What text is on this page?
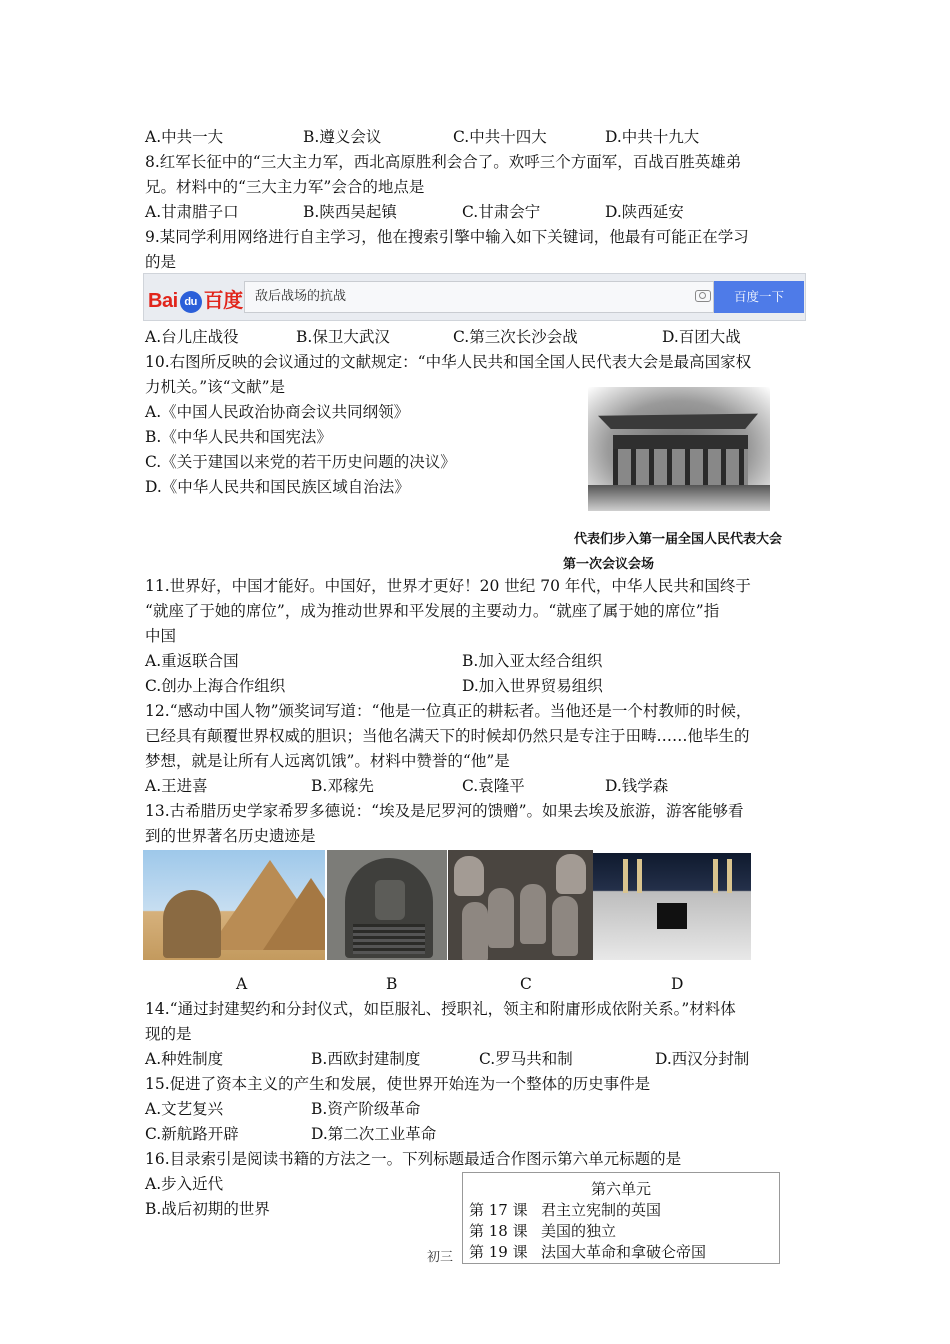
A.中共一大	B.遵义会议	C.中共十四大	D.中共十九大
8.红军长征中的“三大主力军，西北高原胜利会合了。欢呼三个方面军，百战百胜英雄弟
兄。材料中的“三大主力军”会合的地点是
A.甘肃腊子口	B.陕西吴起镇	C.甘肃会宁	D.陕西延安
9.某同学利用网络进行自主学习，他在搜索引擎中输入如下关键词，他最有可能正在学习
的是
Bai du 百度 敌后战场的抗战	百度一下
A.台儿庄战役	B.保卫大武汉	C.第三次长沙会战	D.百团大战
10.右图所反映的会议通过的文献规定：“中华人民共和国全国人民代表大会是最高国家权
力机关。”该“文献”是
A.《中国人民政治协商会议共同纲领》
B.《中华人民共和国宪法》
C.《关于建国以来党的若干历史问题的决议》
D.《中华人民共和国民族区域自治法》
代表们步入第一届全国人民代表大会
第一次会议会场
11.世界好，中国才能好。中国好，世界才更好！20 世纪 70 年代，中华人民共和国终于
“就座了于她的席位”，成为推动世界和平发展的主要动力。“就座了属于她的席位”指
中国
A.重返联合国	B.加入亚太经合组织
C.创办上海合作组织	D.加入世界贸易组织
12.“感动中国人物”颁奖词写道：“他是一位真正的耕耘者。当他还是一个村教师的时候，
已经具有颠覆世界权威的胆识；当他名满天下的时候却仍然只是专注于田畴……他毕生的
梦想，就是让所有人远离饥饿”。材料中赞誉的“他”是
A.王进喜	B.邓稼先	C.袁隆平	D.钱学森
13.古希腊历史学家希罗多德说：“埃及是尼罗河的馈赠”。如果去埃及旅游，游客能够看
到的世界著名历史遗迹是
A	B	C	D
14.“通过封建契约和分封仪式，如臣服礼、授职礼，领主和附庸形成依附关系。”材料体
现的是
A.种姓制度	B.西欧封建制度	C.罗马共和制	D.西汉分封制
15.促进了资本主义的产生和发展，使世界开始连为一个整体的历史事件是
A.文艺复兴	B.资产阶级革命
C.新航路开辟	D.第二次工业革命
16.目录索引是阅读书籍的方法之一。下列标题最适合作图示第六单元标题的是
A.步入近代
B.战后初期的世界
初三
第六单元
第 17 课 君主立宪制的英国
第 18 课 美国的独立
第 19 课 法国大革命和拿破仑帝国
